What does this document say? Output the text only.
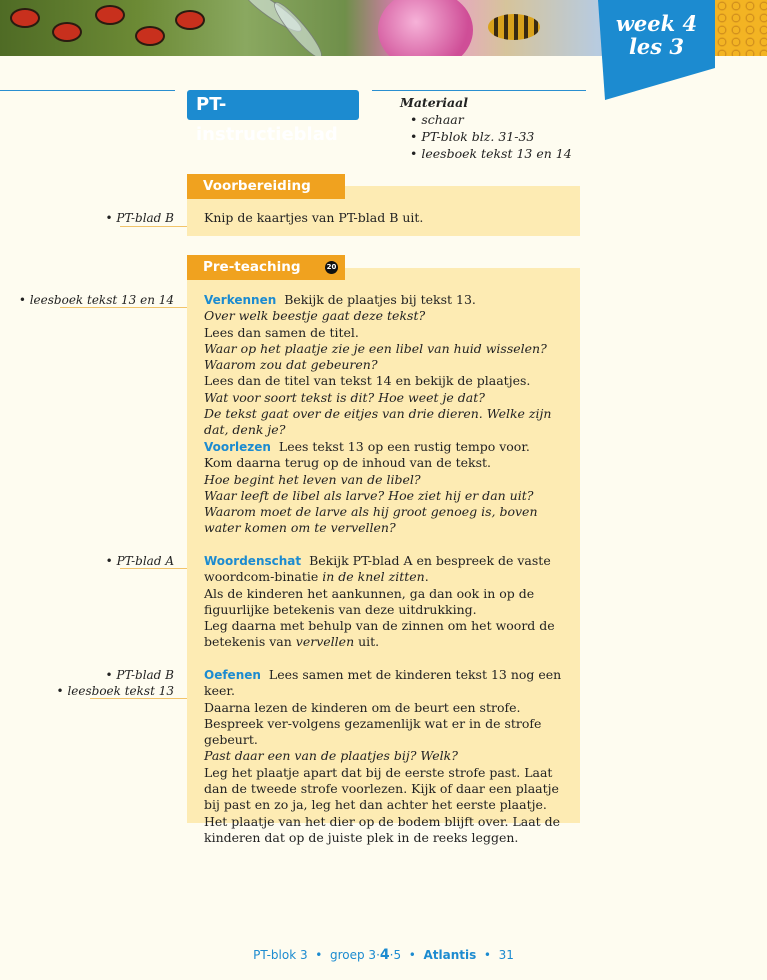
week 4
les 3
PT-instructieblad
Materiaal
• schaar
• PT-blok blz. 31-33
• leesboek tekst 13 en 14
Voorbereiding
• PT-blad B Knip de kaartjes van PT-blad B uit.

Pre-teaching	20
• leesboek tekst 13 en 14
• PT-blad A
• PT-blad B
• leesboek tekst 13

Verkennen Bekijk de plaatjes bij tekst 13.

Over welk beestje gaat deze tekst?

Lees dan samen de titel.

Waar op het plaatje zie je een libel van huid wisselen? Waarom zou dat gebeuren?

Lees dan de titel van tekst 14 en bekijk de plaatjes.

Wat voor soort tekst is dit? Hoe weet je dat?

De tekst gaat over de eitjes van drie dieren. Welke zijn dat, denk je?

Voorlezen Lees tekst 13 op een rustig tempo voor.

Kom daarna terug op de inhoud van de tekst.

Hoe begint het leven van de libel?

Waar leeft de libel als larve? Hoe ziet hij er dan uit?

Waarom moet de larve als hij groot genoeg is, boven water komen om te vervellen?

Woordenschat Bekijk PT-blad A en bespreek de vaste woordcom-binatie in de knel zitten.

Als de kinderen het aankunnen, ga dan ook in op de figuurlijke betekenis van deze uitdrukking.

Leg daarna met behulp van de zinnen om het woord de betekenis van vervellen uit.

Oefenen Lees samen met de kinderen tekst 13 nog een keer.

Daarna lezen de kinderen om de beurt een strofe. Bespreek ver-volgens gezamenlijk wat er in de strofe gebeurt.

Past daar een van de plaatjes bij? Welk?

Leg het plaatje apart dat bij de eerste strofe past. Laat dan de tweede strofe voorlezen. Kijk of daar een plaatje bij past en zo ja, leg het dan achter het eerste plaatje. Het plaatje van het dier op de bodem blijft over. Laat de kinderen dat op de juiste plek in de reeks leggen.

PT-blok 3  •  groep 3·4·5  •  Atlantis  •  31
